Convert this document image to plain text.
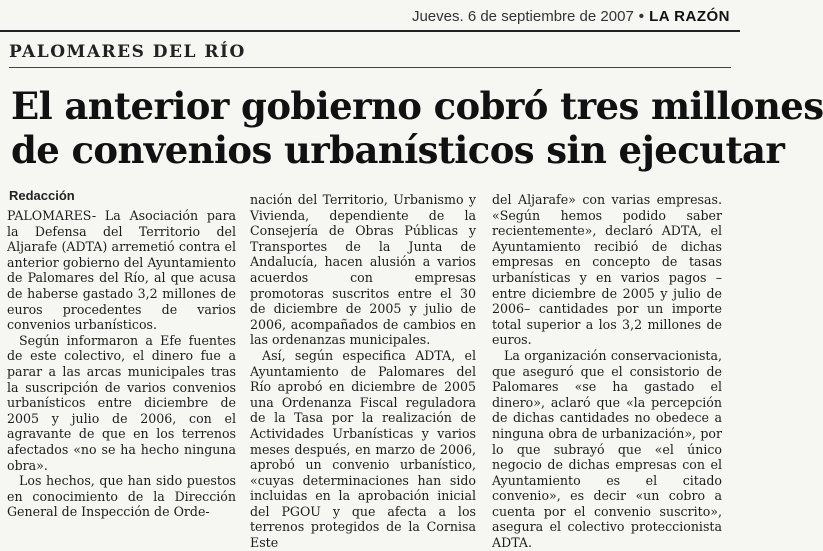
Jueves. 6 de septiembre de 2007 • LA RAZÓN
PALOMARES DEL RÍO
El anterior gobierno cobró tres millones
de convenios urbanísticos sin ejecutar
Redacción

PALOMARES- La Asociación para la Defensa del Territorio del Aljarafe (ADTA) arremetió contra el anterior gobierno del Ayuntamiento de Palomares del Río, al que acusa de haberse gastado 3,2 millones de euros procedentes de varios convenios urbanísticos.

Según informaron a Efe fuentes de este colectivo, el dinero fue a parar a las arcas municipales tras la suscripción de varios convenios urbanísticos entre diciembre de 2005 y julio de 2006, con el agravante de que en los terrenos afectados «no se ha hecho ninguna obra».

Los hechos, que han sido puestos en conocimiento de la Dirección General de Inspección de Orde-

nación del Territorio, Urbanismo y Vivienda, dependiente de la Consejería de Obras Públicas y Transportes de la Junta de Andalucía, hacen alusión a varios acuerdos con empresas promotoras suscritos entre el 30 de diciembre de 2005 y julio de 2006, acompañados de cambios en las ordenanzas municipales.

Así, según especifica ADTA, el Ayuntamiento de Palomares del Río aprobó en diciembre de 2005 una Ordenanza Fiscal reguladora de la Tasa por la realización de Actividades Urbanísticas y varios meses después, en marzo de 2006, aprobó un convenio urbanístico, «cuyas determinaciones han sido incluidas en la aprobación inicial del PGOU y que afecta a los terrenos protegidos de la Cornisa Este

del Aljarafe» con varias empresas. «Según hemos podido saber recientemente», declaró ADTA, el Ayuntamiento recibió de dichas empresas en concepto de tasas urbanísticas y en varios pagos –entre diciembre de 2005 y julio de 2006– cantidades por un importe total superior a los 3,2 millones de euros.

La organización conservacionista, que aseguró que el consistorio de Palomares «se ha gastado el dinero», aclaró que «la percepción de dichas cantidades no obedece a ninguna obra de urbanización», por lo que subrayó que «el único negocio de dichas empresas con el Ayuntamiento es el citado convenio», es decir «un cobro a cuenta por el convenio suscrito», asegura el colectivo proteccionista ADTA.
